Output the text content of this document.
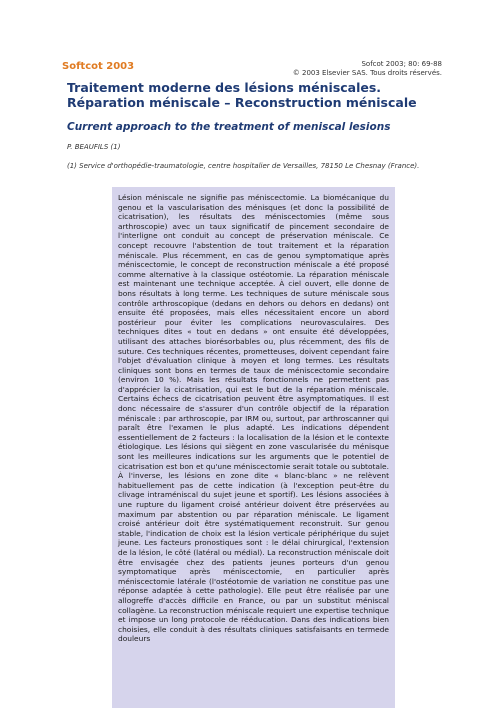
Softcot 2003	Sofcot 2003; 80: 69-88
© 2003 Elsevier SAS. Tous droits réservés.
Traitement moderne des lésions méniscales. Réparation méniscale – Reconstruction méniscale
Current approach to the treatment of meniscal lesions
P. BEAUFILS (1)
(1) Service d'orthopédie-traumatologie, centre hospitalier de Versailles, 78150 Le Chesnay (France).

Lésion méniscale ne signifie pas méniscectomie. La biomécanique du genou et la vascularisation des ménisques (et donc la possibilité de cicatrisation), les résultats des méniscectomies (même sous arthroscopie) avec un taux significatif de pincement secondaire de l'interligne ont conduit au concept de préservation méniscale. Ce concept recouvre l'abstention de tout traitement et la réparation méniscale. Plus récemment, en cas de genou symptomatique après méniscectomie, le concept de reconstruction méniscale a été proposé comme alternative à la classique ostéotomie. La réparation méniscale est maintenant une technique acceptée. À ciel ouvert, elle donne de bons résultats à long terme. Les techniques de suture méniscale sous contrôle arthroscopique (dedans en dehors ou dehors en dedans) ont ensuite été proposées, mais elles nécessitaient encore un abord postérieur pour éviter les complications neurovasculaires. Des techniques dites « tout en dedans » ont ensuite été développées, utilisant des attaches biorésorbables ou, plus récemment, des fils de suture. Ces techniques récentes, prometteuses, doivent cependant faire l'objet d'évaluation clinique à moyen et long termes. Les résultats cliniques sont bons en termes de taux de méniscectomie secondaire (environ 10 %). Mais les résultats fonctionnels ne permettent pas d'apprécier la cicatrisation, qui est le but de la réparation méniscale. Certains échecs de cicatrisation peuvent être asymptomatiques. Il est donc nécessaire de s'assurer d'un contrôle objectif de la réparation méniscale : par arthroscopie, par IRM ou, surtout, par arthroscanner qui paraît être l'examen le plus adapté. Les indications dépendent essentiellement de 2 facteurs : la localisation de la lésion et le contexte étiologique. Les lésions qui siègent en zone vascularisée du ménisque sont les meilleures indications sur les arguments que le potentiel de cicatrisation est bon et qu'une méniscectomie serait totale ou subtotale. À l'inverse, les lésions en zone dite « blanc-blanc » ne relèvent habituellement pas de cette indication (à l'exception peut-être du clivage intraméniscal du sujet jeune et sportif). Les lésions associées à une rupture du ligament croisé antérieur doivent être préservées au maximum par abstention ou par réparation méniscale. Le ligament croisé antérieur doit être systématiquement reconstruit. Sur genou stable, l'indication de choix est la lésion verticale périphérique du sujet jeune. Les facteurs pronostiques sont : le délai chirurgical, l'extension de la lésion, le côté (latéral ou médial). La reconstruction méniscale doit être envisagée chez des patients jeunes porteurs d'un genou symptomatique après méniscectomie, en particulier après méniscectomie latérale (l'ostéotomie de variation ne constitue pas une réponse adaptée à cette pathologie). Elle peut être réalisée par une allogreffe d'accès difficile en France, ou par un substitut méniscal collagène. La reconstruction méniscale requiert une expertise technique et impose un long protocole de rééducation. Dans des indications bien choisies, elle conduit à des résultats cliniques satisfaisants en termede douleurs
